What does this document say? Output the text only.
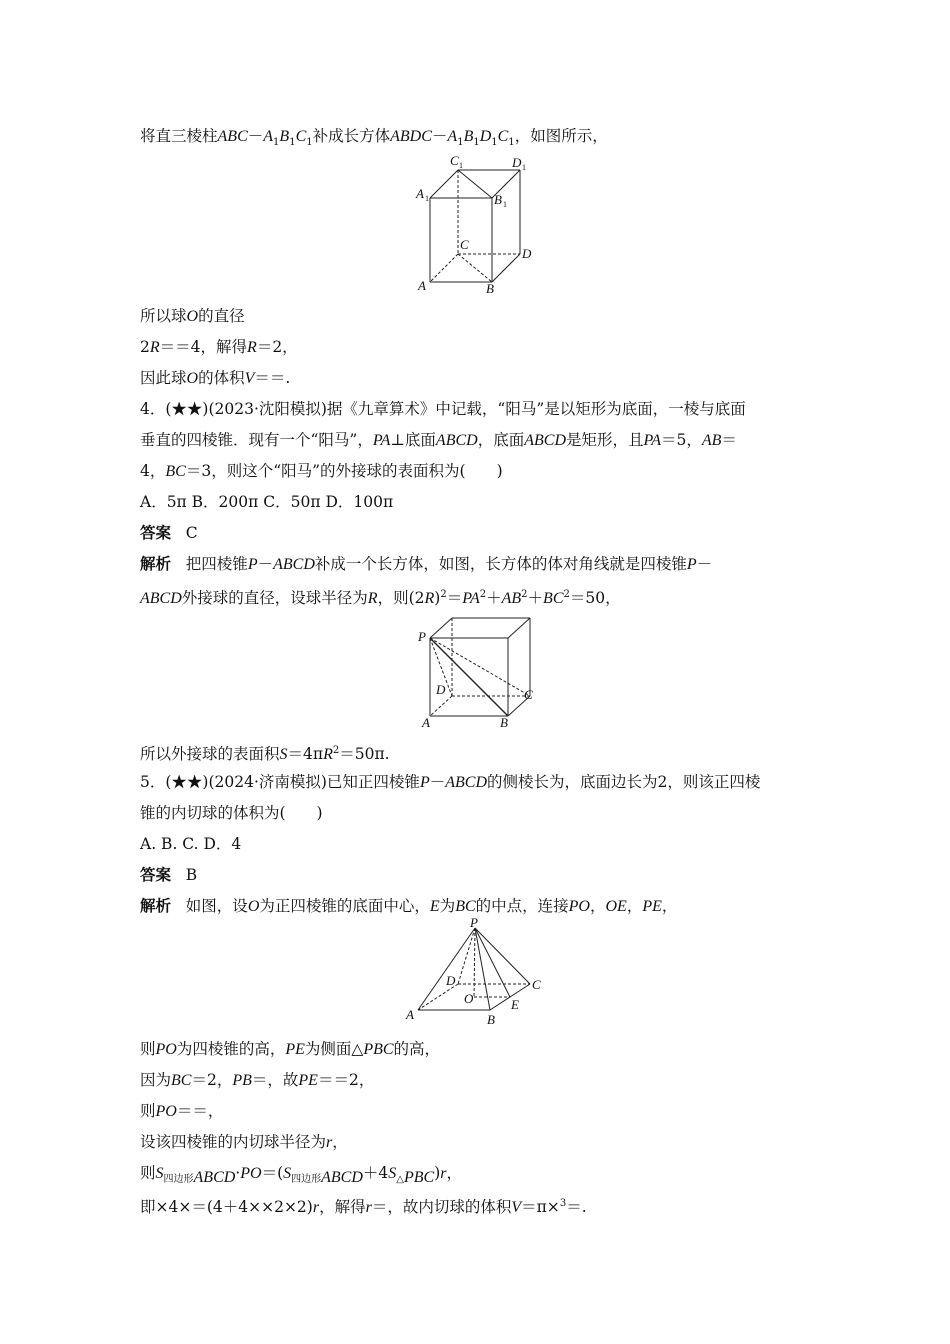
将直三棱柱$ABC-A_1B_1C_1$补成长方体$ABDC-A_1B_1D_1C_1$，如图所示，
C 1	D 1
A 1	B 1
C
D
A	B
所以球O的直径
2R＝＝4，解得R＝2，
因此球O的体积V＝＝.
4．(★★)(2023·沈阳模拟)据《九章算术》中记载，“阳马”是以矩形为底面，一棱与底面
垂直的四棱锥．现有一个“阳马”，PA⊥底面ABCD，底面ABCD是矩形，且PA＝5，AB＝
4，BC＝3，则这个“阳马”的外接球的表面积为(　　)
A．5π B．200π C．50π D．100π
答案 C
解析 把四棱锥P－ABCD补成一个长方体，如图，长方体的体对角线就是四棱锥P－
ABCD外接球的直径，设球半径为R，则$(2R)^2=PA^2+AB^2+BC^2=50$，
P
D	C
A	B
所以外接球的表面积$S=4\pi R^2=50\pi$.
5．(★★)(2024·济南模拟)已知正四棱锥P－ABCD的侧棱长为，底面边长为2，则该正四棱
锥的内切球的体积为(　　)
A. B. C. D．4
答案 B
解析 如图，设O为正四棱锥的底面中心，E为BC的中点，连接PO，OE，PE，
P
D	C
O	E
A	B
则PO为四棱锥的高，PE为侧面△PBC的高，
因为BC＝2，PB＝，故PE＝＝2，
则PO＝＝，
设该四棱锥的内切球半径为r，
则$S_{四边形ABCD}\cdot PO=(S_{四边形ABCD}+4S_{\triangle PBC})r$，
即×4×＝(4＋4××2×2)r，解得r＝，故内切球的体积V＝π×$^3$＝.
